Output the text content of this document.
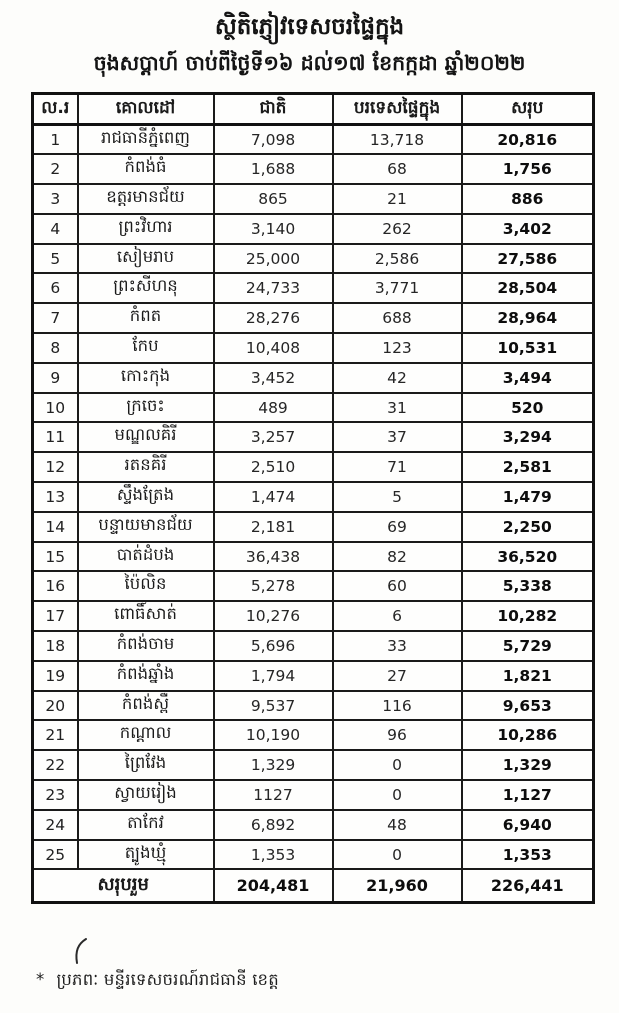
ស្ថិតិភ្ញៀវទេសចរផ្ទៃក្នុង
ចុងសប្តាហ៍ ចាប់ពីថ្ងៃទី១៦ ដល់១៧ ខែកក្កដា ឆ្នាំ២០២២
ល.រ	គោលដៅ	ជាតិ	បរទេសផ្ទៃក្នុង	សរុប
1	រាជធានីភ្នំពេញ	7,098	13,718	20,816
2	កំពង់ធំ	1,688	68	1,756
3	ឧត្តរមានជ័យ	865	21	886
4	ព្រះវិហារ	3,140	262	3,402
5	សៀមរាប	25,000	2,586	27,586
6	ព្រះសីហនុ	24,733	3,771	28,504
7	កំពត	28,276	688	28,964
8	កែប	10,408	123	10,531
9	កោះកុង	3,452	42	3,494
10	ក្រចេះ	489	31	520
11	មណ្ឌលគិរី	3,257	37	3,294
12	រតនគិរី	2,510	71	2,581
13	ស្ទឹងត្រែង	1,474	5	1,479
14	បន្ទាយមានជ័យ	2,181	69	2,250
15	បាត់ដំបង	36,438	82	36,520
16	ប៉ៃលិន	5,278	60	5,338
17	ពោធិ៍សាត់	10,276	6	10,282
18	កំពង់ចាម	5,696	33	5,729
19	កំពង់ឆ្នាំង	1,794	27	1,821
20	កំពង់ស្ពឺ	9,537	116	9,653
21	កណ្តាល	10,190	96	10,286
22	ព្រៃវែង	1,329	0	1,329
23	ស្វាយរៀង	1127	0	1,127
24	តាកែវ	6,892	48	6,940
25	ត្បូងឃ្មុំ	1,353	0	1,353
សរុបរួម		204,481	21,960	226,441
* ប្រភពៈ មន្ទីរទេសចរណ៍រាជធានី ខេត្ត
